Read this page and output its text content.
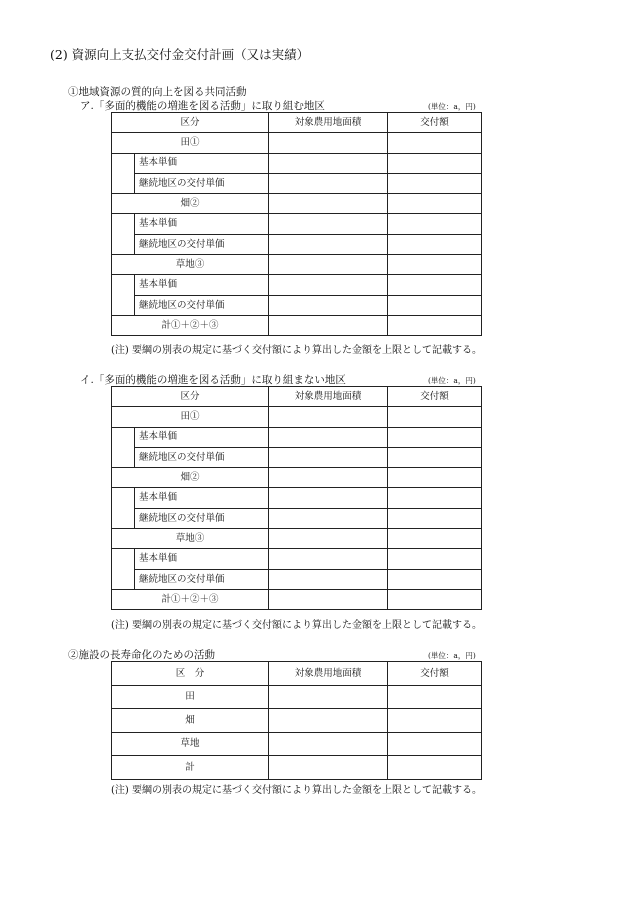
(2) 資源向上支払交付金交付計画（又は実績）
①地域資源の質的向上を図る共同活動
ア.「多面的機能の増進を図る活動」に取り組む地区	(単位：a，円)
区分		対象農用地面積	交付額
田①			
	基本単価		
	継続地区の交付単価		
畑②			
	基本単価		
	継続地区の交付単価		
草地③			
	基本単価		
	継続地区の交付単価		
計①＋②＋③			
(注) 要綱の別表の規定に基づく交付額により算出した金額を上限として記載する。
イ.「多面的機能の増進を図る活動」に取り組まない地区	(単位：a，円)
区分		対象農用地面積	交付額
田①			
	基本単価		
	継続地区の交付単価		
畑②			
	基本単価		
	継続地区の交付単価		
草地③			
	基本単価		
	継続地区の交付単価		
計①＋②＋③			
(注) 要綱の別表の規定に基づく交付額により算出した金額を上限として記載する。
②施設の長寿命化のための活動	(単位：a，円)
区　分	対象農用地面積	交付額
田		
畑		
草地		
計		
(注) 要綱の別表の規定に基づく交付額により算出した金額を上限として記載する。
